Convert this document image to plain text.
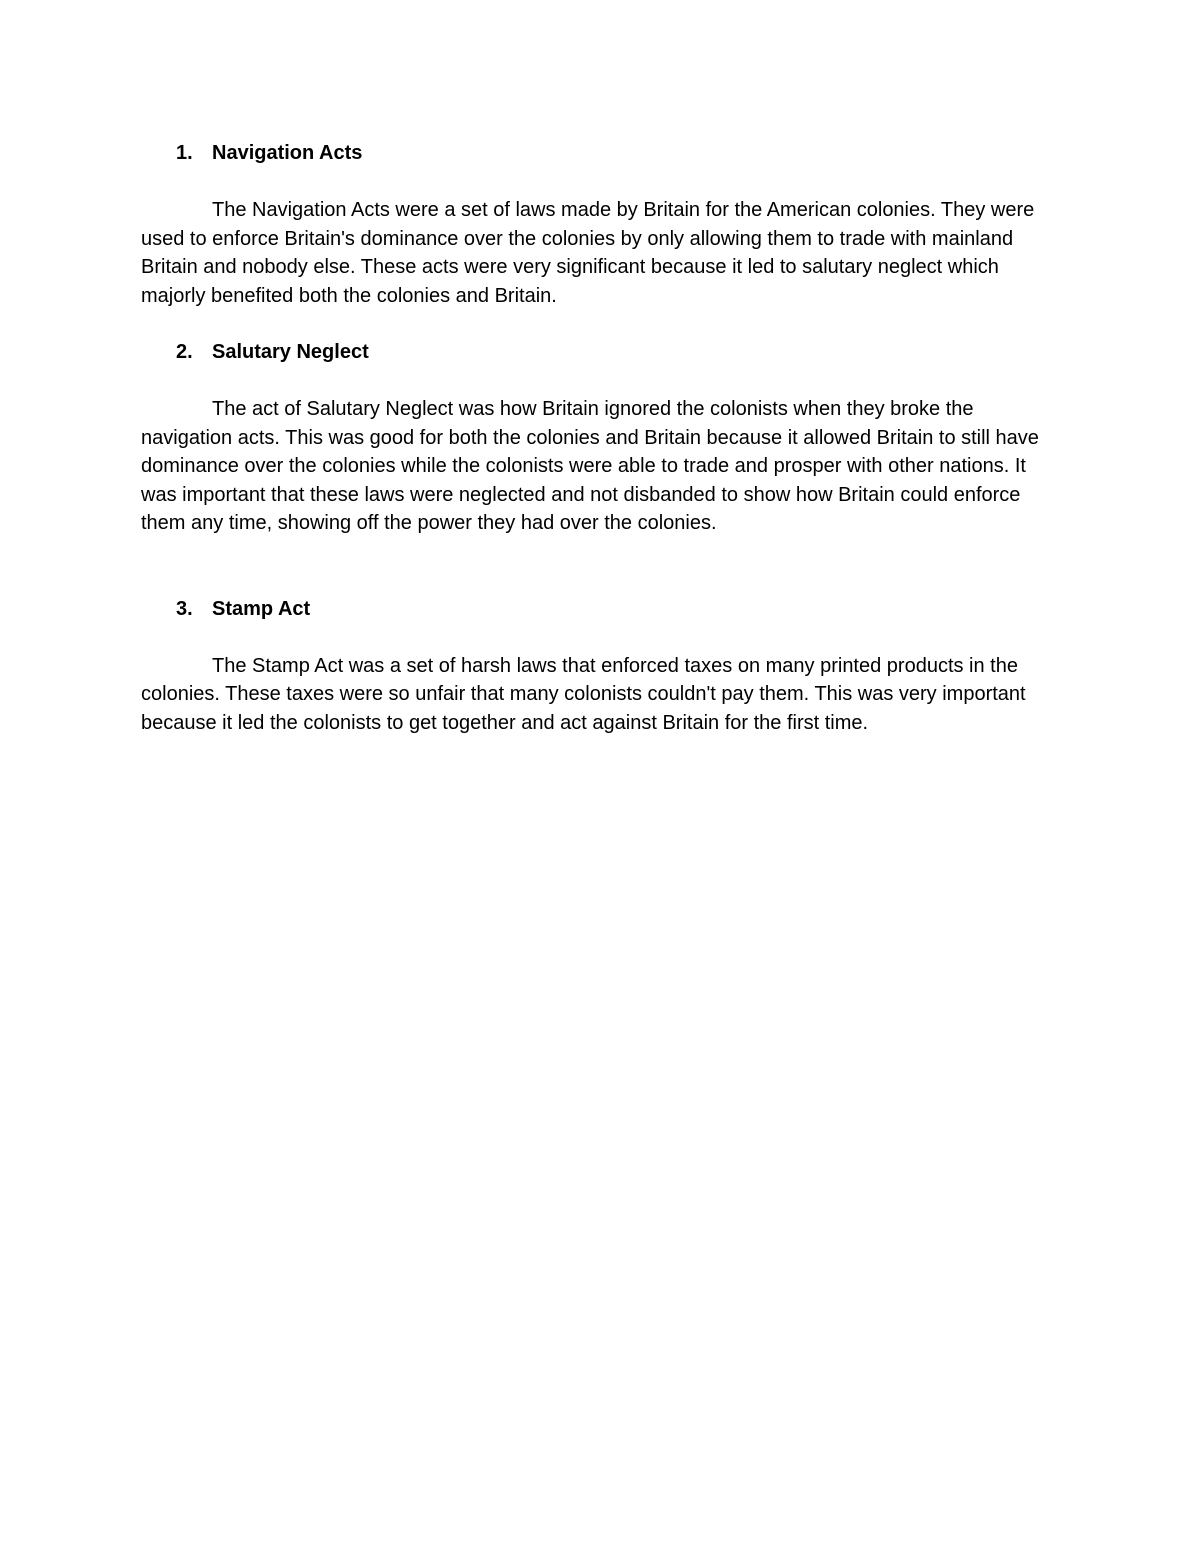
1. Navigation Acts

The Navigation Acts were a set of laws made by Britain for the American colonies. They were used to enforce Britain's dominance over the colonies by only allowing them to trade with mainland Britain and nobody else. These acts were very significant because it led to salutary neglect which majorly benefited both the colonies and Britain.

2. Salutary Neglect

The act of Salutary Neglect was how Britain ignored the colonists when they broke the navigation acts. This was good for both the colonies and Britain because it allowed Britain to still have dominance over the colonies while the colonists were able to trade and prosper with other nations. It was important that these laws were neglected and not disbanded to show how Britain could enforce them any time, showing off the power they had over the colonies.

3. Stamp Act

The Stamp Act was a set of harsh laws that enforced taxes on many printed products in the colonies. These taxes were so unfair that many colonists couldn't pay them. This was very important because it led the colonists to get together and act against Britain for the first time.
